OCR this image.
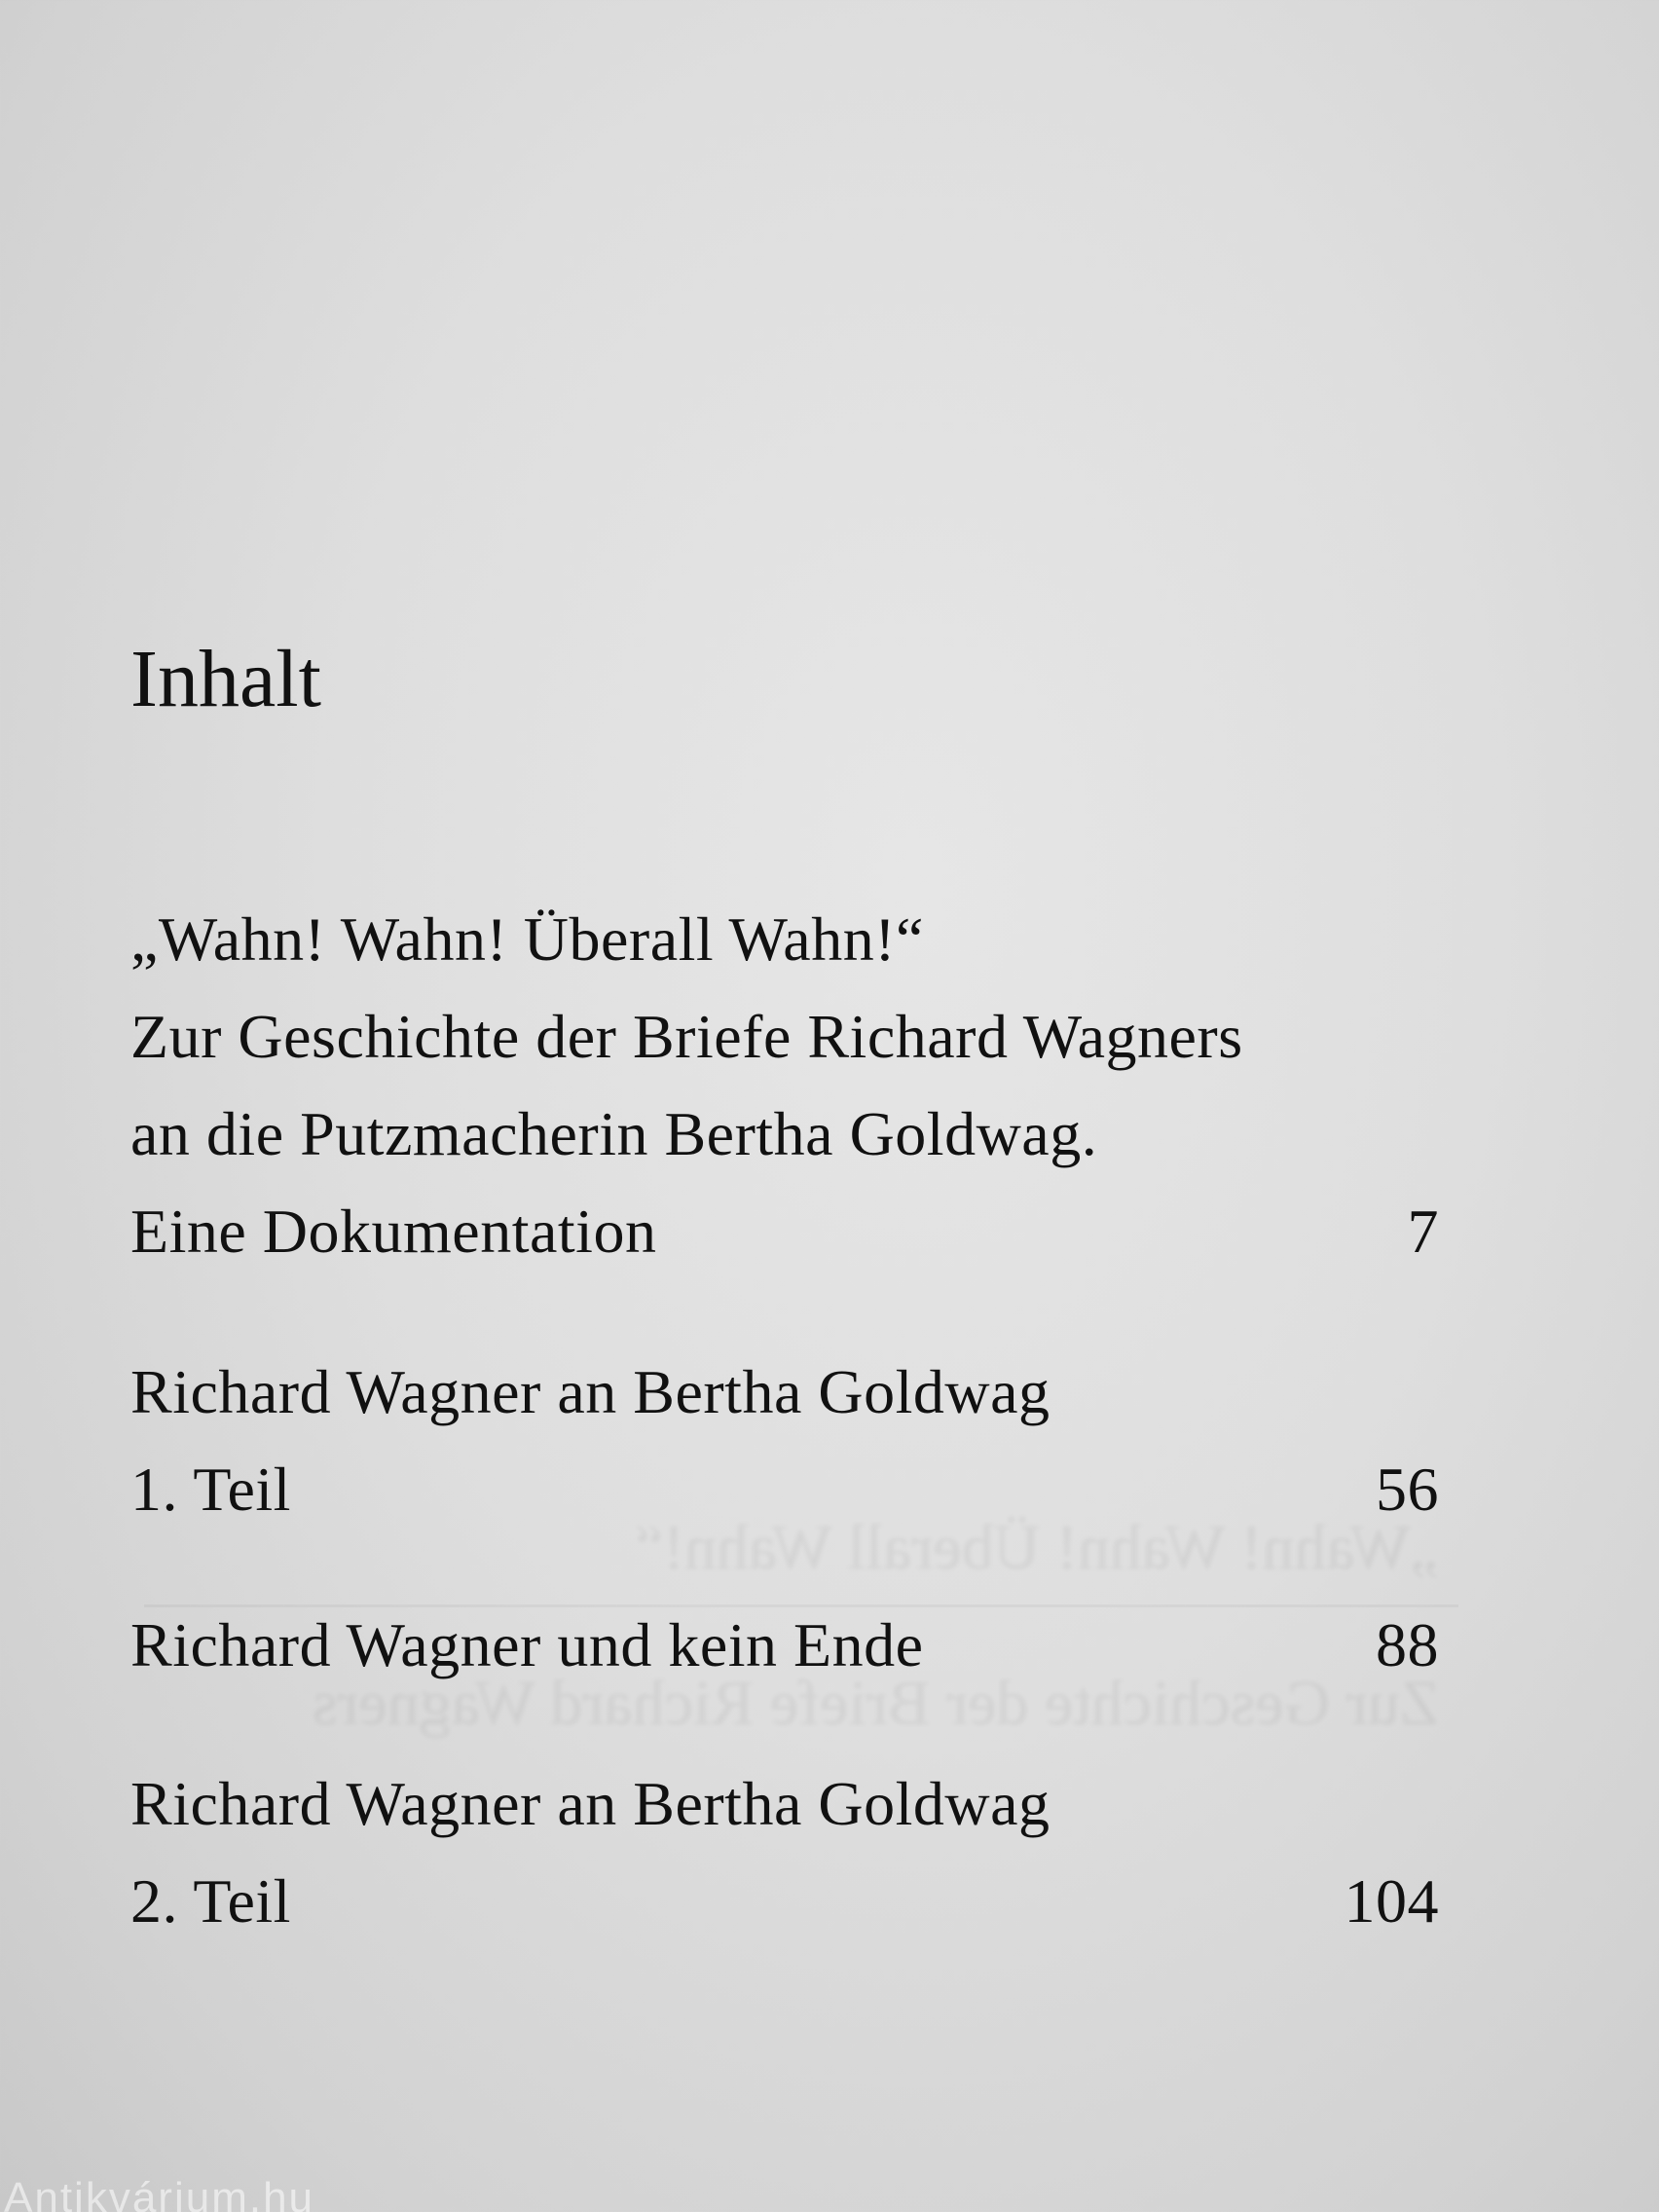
„Wahn! Wahn! Überall Wahn!“
Zur Geschichte der Briefe Richard Wagners
Inhalt
„Wahn! Wahn! Überall Wahn!“
Zur Geschichte der Briefe Richard Wagners
an die Putzmacherin Bertha Goldwag.
Eine Dokumentation	7
Richard Wagner an Bertha Goldwag
1. Teil	56
Richard Wagner und kein Ende	88
Richard Wagner an Bertha Goldwag
2. Teil	104
Antikvárium.hu
